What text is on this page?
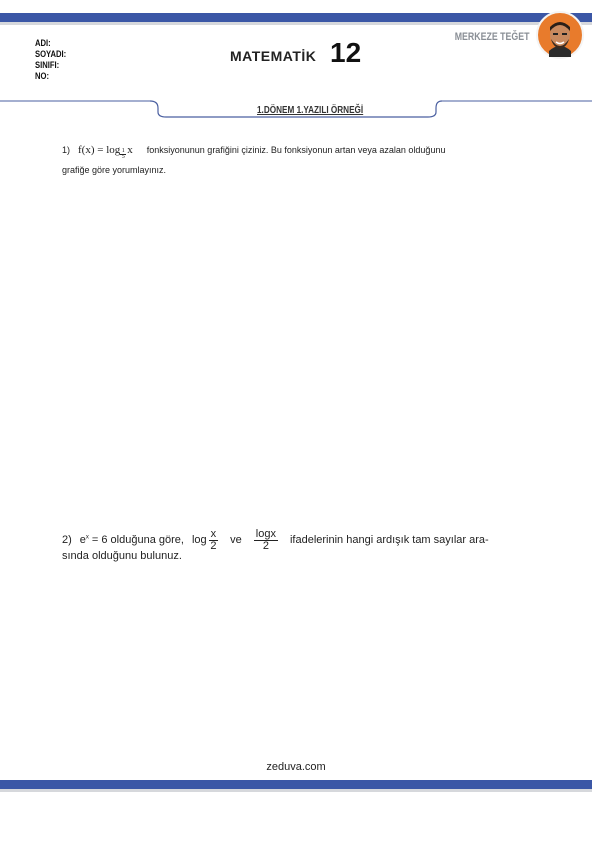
ADI:
SOYADI:
SINIFI:
NO:
MATEMATİK 12	MERKEZE TEĞET
1.DÖNEM 1.YAZILI ÖRNEĞİ
1) $f(x) = \log \frac{1}{5}$ x fonksiyonunun grafiğini çiziniz. Bu fonksiyonun artan veya azalan olduğunu
grafiğe göre yorumlayınız.
2) $e^x = 6$ olduğuna göre, $\log \frac{x}{2}$ ve $\frac{\log x}{2}$ ifadelerinin hangi ardışık tam sayılar ara-
sında olduğunu bulunuz.
zeduva.com
